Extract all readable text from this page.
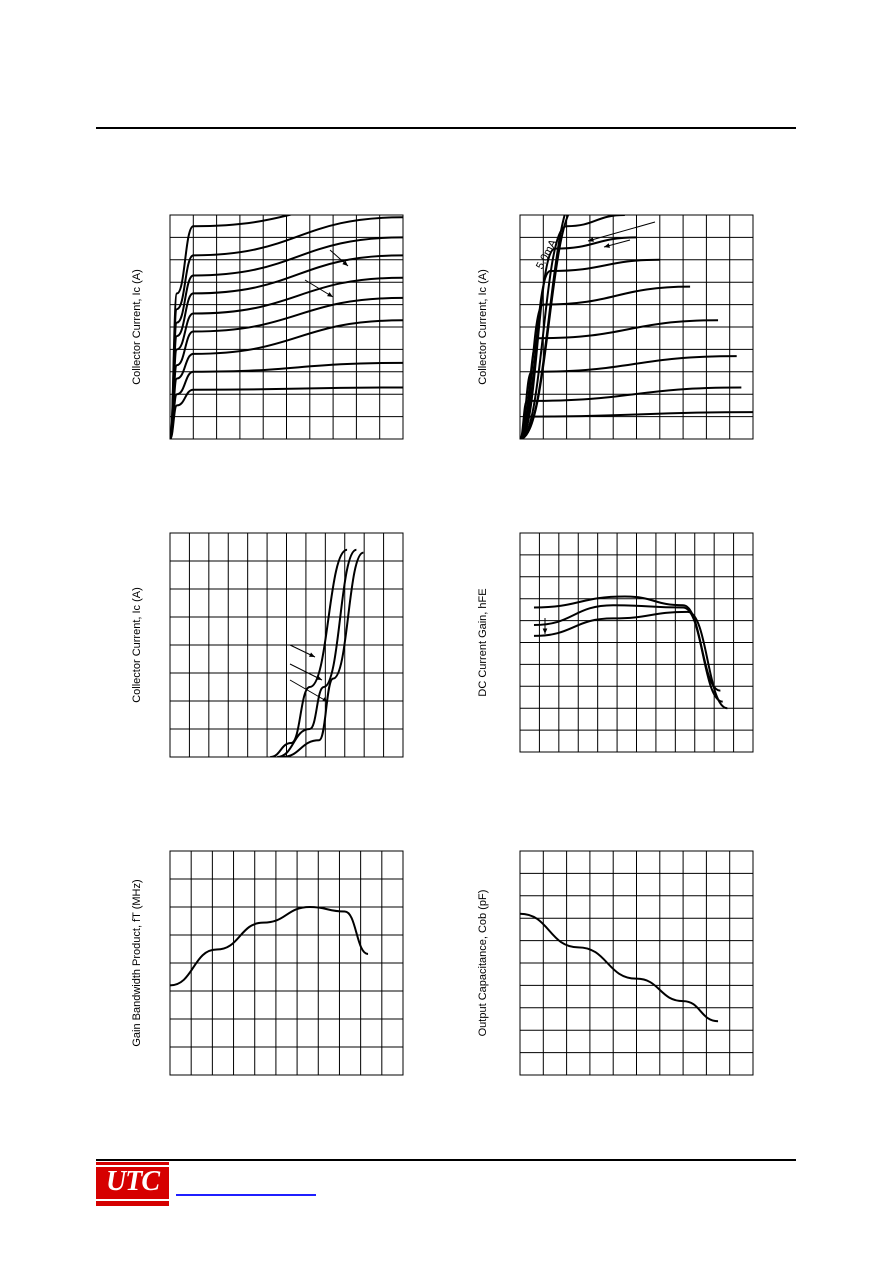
Collector Current, Ic (A)	Collector Current, Ic (A)
5.0mA
Collector Current, Ic (A)	DC Current Gain, hFE
Gain Bandwidth Product, fT (MHz)	Output Capacitance, Cob (pF)
UTC
